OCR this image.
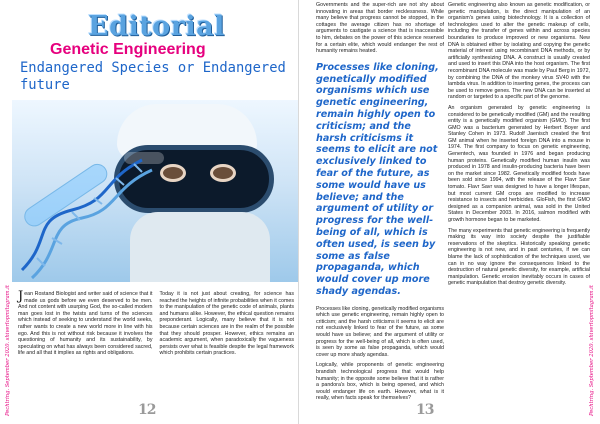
Pechtring. September 2020. shiverlopmitagram.it
Editorial
Genetic Engineering
Endangered Species or Endangered future

Jean Rostand Biologist and writer said of science that it made us gods before we even deserved to be men. And not content with usurping God, the so-called modern man goes lost in the twists and turns of the sciences which instead of seeking to understand the world seeks, rather wants to create a new world more in line with his ego. And this is not without risk because it involves the questioning of humanity and its sustainability, by speculating on what has always been considered sacred, life and all that it implies as rights and obligations.

Today it is not just about creating, for science has reached the heights of infinite probabilities when it comes to the manipulation of the genetic code of animals, plants and humans alike. However, the ethical question remains preponderant. Logically, many believe that it is not because certain sciences are in the realm of the possible that they should prosper. However, ethics remains an academic argument, when paradoxically the vagueness persists over what is feasible despite the legal framework which prohibits certain practices.

12

Governments and the super-rich are not shy about innovating in areas that border recklessness. While many believe that progress cannot be stopped, in the cottages the average citizen has no shortage of arguments to castigate a science that is inaccessible to him, debates on the power of this science reserved for a certain elite, which would endanger the rest of humanity remains heated.

Processes like cloning, genetically modified organisms which use genetic engineering, remain highly open to criticism; and the harsh criticisms it seems to elicit are not exclusively linked to fear of the future, as some would have us believe; and the argument of utility or progress for the well-being of all, which is often used, is seen by some as false propaganda, which would cover up more shady agendas.

Processes like cloning, genetically modified organisms which use genetic engineering, remain highly open to criticism; and the harsh criticisms it seems to elicit are not exclusively linked to fear of the future, as some would have us believe; and the argument of utility or progress for the well-being of all, which is often used, is seen by some as false propaganda, which would cover up more shady agendas.

Logically, while proponents of genetic engineering brandish technological progress that would help humanity; in the opposite some believe that it is rather a pandora's box, which is being opened, and which would endanger life on earth. However, what is it really, when facts speak for themselves?

Genetic engineering also known as genetic modification, or genetic manipulation, is the direct manipulation of an organism's genes using biotechnology. It is a collection of technologies used to alter the genetic makeup of cells, including the transfer of genes within and across species boundaries to produce improved or new organisms. New DNA is obtained either by isolating and copying the genetic material of interest using recombinant DNA methods, or by artificially synthesizing DNA. A construct is usually created and used to insert this DNA into the host organism. The first recombinant DNA molecule was made by Paul Berg in 1972, by combining the DNA of the monkey virus SV40 with the lambda virus. In addition to inserting genes, the process can be used to remove genes. The new DNA can be inserted at random or targeted to a specific part of the genome.

An organism generated by genetic engineering is considered to be genetically modified (GM) and the resulting entity is a genetically modified organism (GMO). The first GMO was a bacterium generated by Herbert Boyer and Stanley Cohen in 1973. Rudolf Jaenisch created the first GM animal when he inserted foreign DNA into a mouse in 1974. The first company to focus on genetic engineering, Genentech, was founded in 1976 and began producing human proteins. Genetically modified human insulin was produced in 1978 and insulin-producing bacteria have been on the market since 1982. Genetically modified foods have been sold since 1994, with the release of the Flavr Savr tomato. Flavr Savr was designed to have a longer lifespan, but most current GM crops are modified to increase resistance to insects and herbicides. GloFish, the first GMO designed as a companion animal, was sold in the United States in December 2003. In 2016, salmon modified with growth hormone began to be marketed.

The many experiments that genetic engineering is frequently making its way into society despite the justifiable reservations of the skeptics. Historically speaking genetic engineering is not new, and in past centuries, if we can blame the lack of sophistication of the techniques used, we can in no way ignore the consequences linked to the destruction of natural genetic diversity, for example, artificial manipulation. Genetic erosion inevitably occurs in cases of genetic manipulation that destroy genetic diversity.

13	Pechtring. September 2020. shiverlopmitagram.it
